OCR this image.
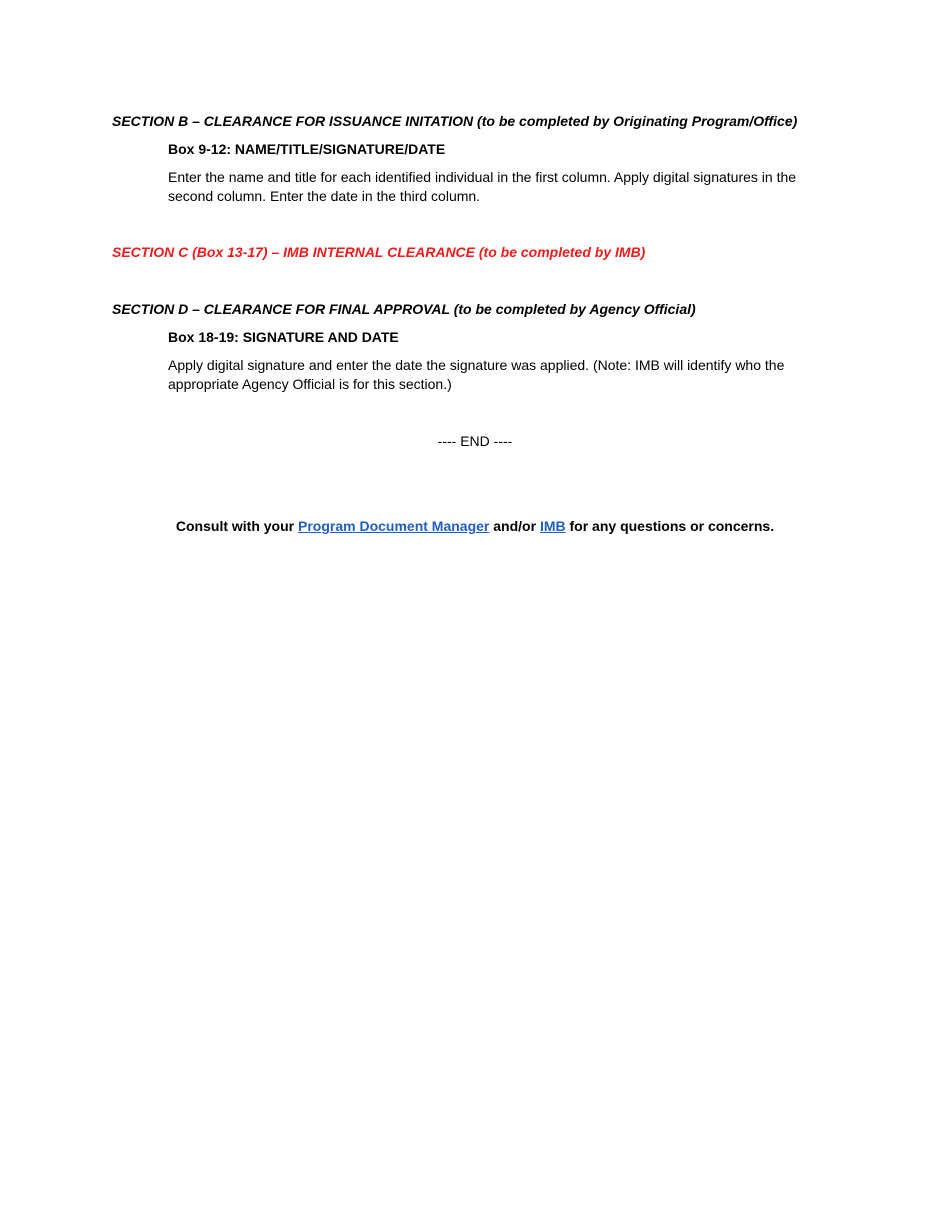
SECTION B – CLEARANCE FOR ISSUANCE INITATION (to be completed by Originating Program/Office)
Box 9-12: NAME/TITLE/SIGNATURE/DATE
Enter the name and title for each identified individual in the first column. Apply digital signatures in the second column. Enter the date in the third column.
SECTION C (Box 13-17) – IMB INTERNAL CLEARANCE (to be completed by IMB)
SECTION D – CLEARANCE FOR FINAL APPROVAL (to be completed by Agency Official)
Box 18-19: SIGNATURE AND DATE
Apply digital signature and enter the date the signature was applied. (Note: IMB will identify who the appropriate Agency Official is for this section.)
---- END ----
Consult with your Program Document Manager and/or IMB for any questions or concerns.
